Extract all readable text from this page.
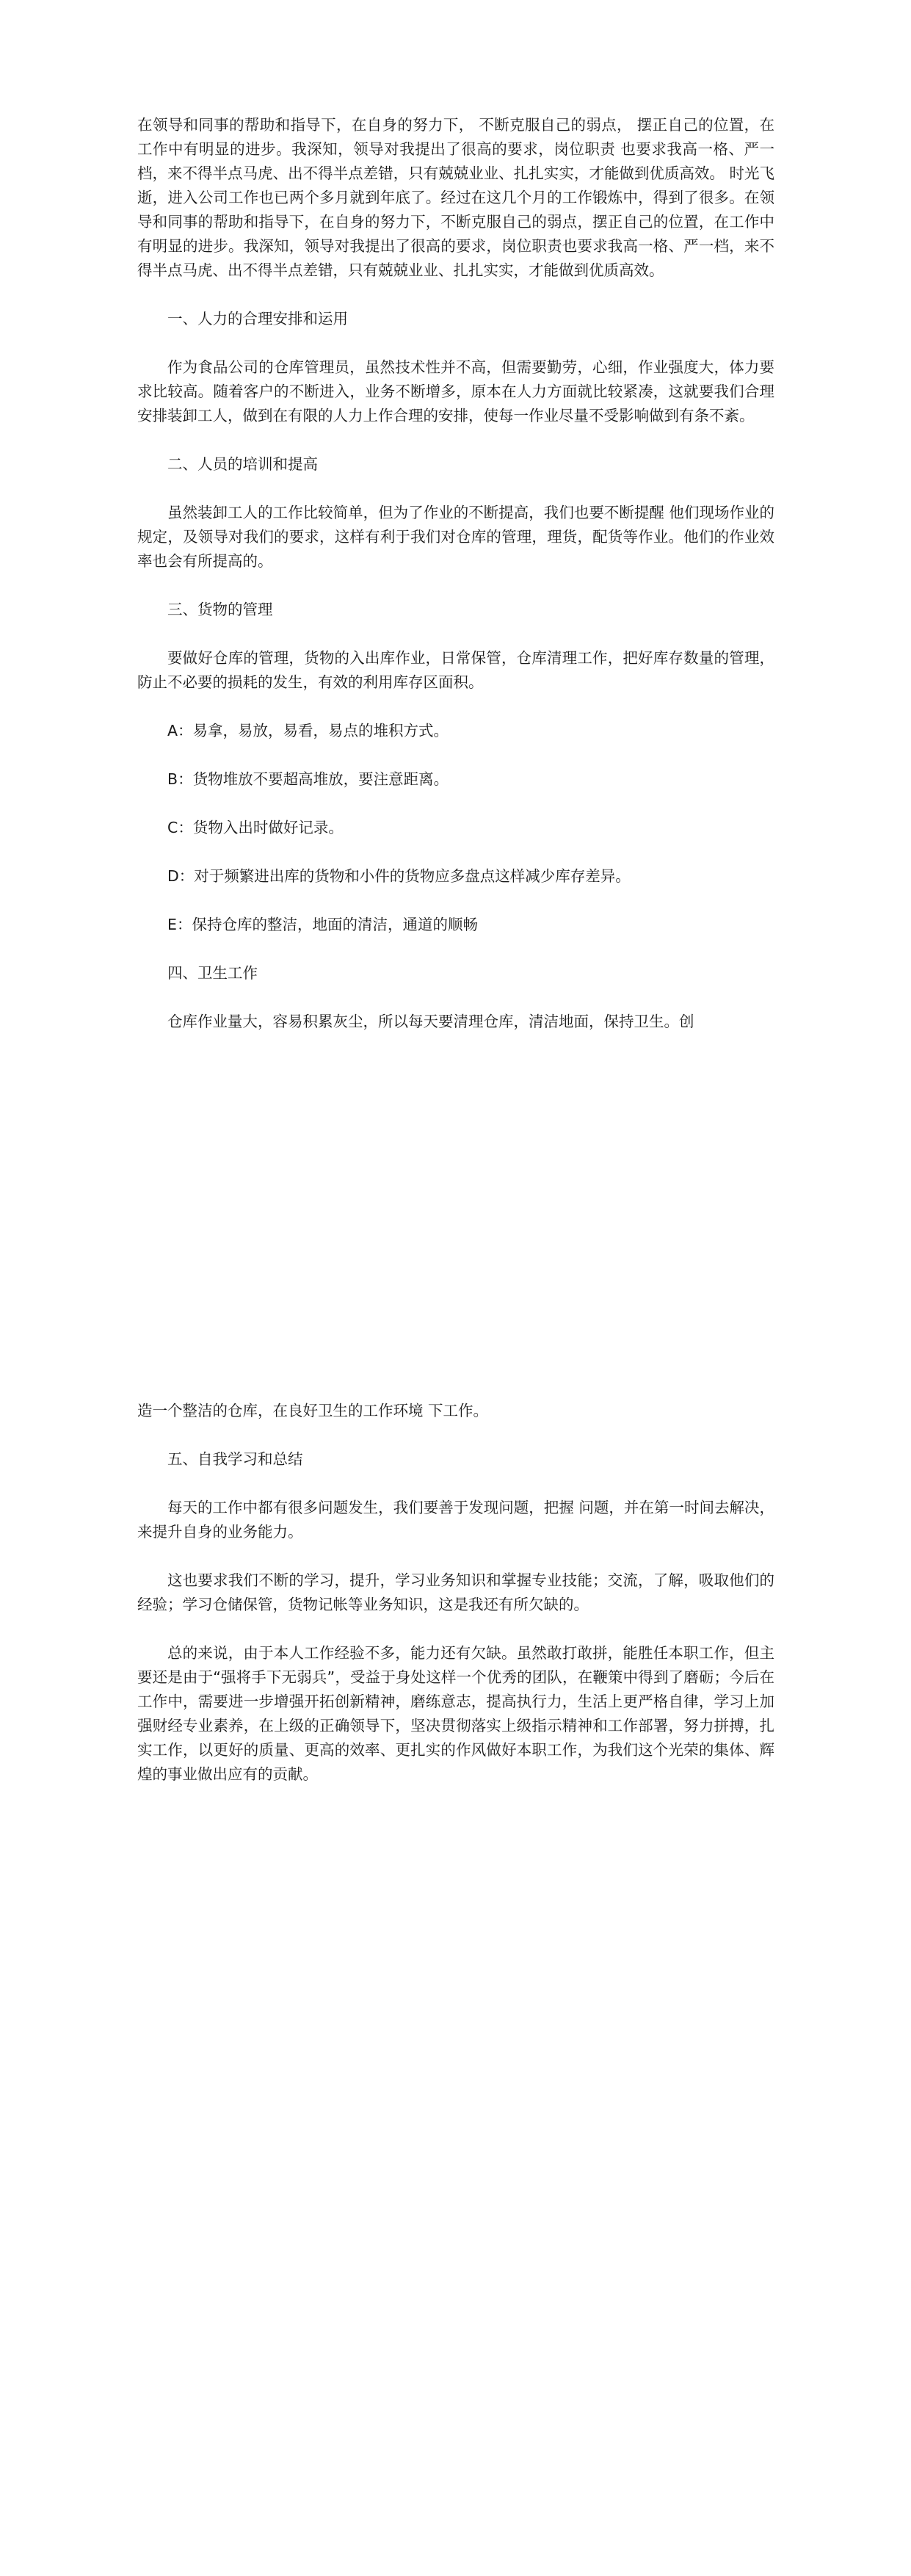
在领导和同事的帮助和指导下，在自身的努力下， 不断克服自己的弱点， 摆正自己的位置，在工作中有明显的进步。我深知，领导对我提出了很高的要求，岗位职责 也要求我高一格、严一档，来不得半点马虎、出不得半点差错，只有兢兢业业、扎扎实实，才能做到优质高效。 时光飞逝，进入公司工作也已两个多月就到年底了。经过在这几个月的工作锻炼中，得到了很多。在领导和同事的帮助和指导下，在自身的努力下，不断克服自己的弱点，摆正自己的位置，在工作中有明显的进步。我深知，领导对我提出了很高的要求，岗位职责也要求我高一格、严一档，来不得半点马虎、出不得半点差错，只有兢兢业业、扎扎实实，才能做到优质高效。

一、人力的合理安排和运用

作为食品公司的仓库管理员，虽然技术性并不高，但需要勤劳，心细，作业强度大，体力要求比较高。随着客户的不断进入，业务不断增多，原本在人力方面就比较紧凑，这就要我们合理安排装卸工人，做到在有限的人力上作合理的安排，使每一作业尽量不受影响做到有条不紊。

二、人员的培训和提高

虽然装卸工人的工作比较简单，但为了作业的不断提高，我们也要不断提醒 他们现场作业的规定，及领导对我们的要求，这样有利于我们对仓库的管理，理货，配货等作业。他们的作业效率也会有所提高的。

三、货物的管理

要做好仓库的管理，货物的入出库作业，日常保管，仓库清理工作，把好库存数量的管理，防止不必要的损耗的发生，有效的利用库存区面积。

A：易拿，易放，易看，易点的堆积方式。

B：货物堆放不要超高堆放，要注意距离。

C：货物入出时做好记录。

D：对于频繁进出库的货物和小件的货物应多盘点这样减少库存差异。

E：保持仓库的整洁，地面的清洁，通道的顺畅

四、卫生工作

仓库作业量大，容易积累灰尘，所以每天要清理仓库，清洁地面，保持卫生。创

造一个整洁的仓库，在良好卫生的工作环境 下工作。

五、自我学习和总结

每天的工作中都有很多问题发生，我们要善于发现问题，把握 问题，并在第一时间去解决，来提升自身的业务能力。

这也要求我们不断的学习，提升，学习业务知识和掌握专业技能；交流，了解，吸取他们的经验；学习仓储保管，货物记帐等业务知识，这是我还有所欠缺的。

总的来说，由于本人工作经验不多，能力还有欠缺。虽然敢打敢拼，能胜任本职工作，但主要还是由于“强将手下无弱兵”，受益于身处这样一个优秀的团队，在鞭策中得到了磨砺；今后在工作中，需要进一步增强开拓创新精神，磨练意志，提高执行力，生活上更严格自律，学习上加强财经专业素养，在上级的正确领导下，坚决贯彻落实上级指示精神和工作部署，努力拼搏，扎实工作，以更好的质量、更高的效率、更扎实的作风做好本职工作，为我们这个光荣的集体、辉煌的事业做出应有的贡献。
